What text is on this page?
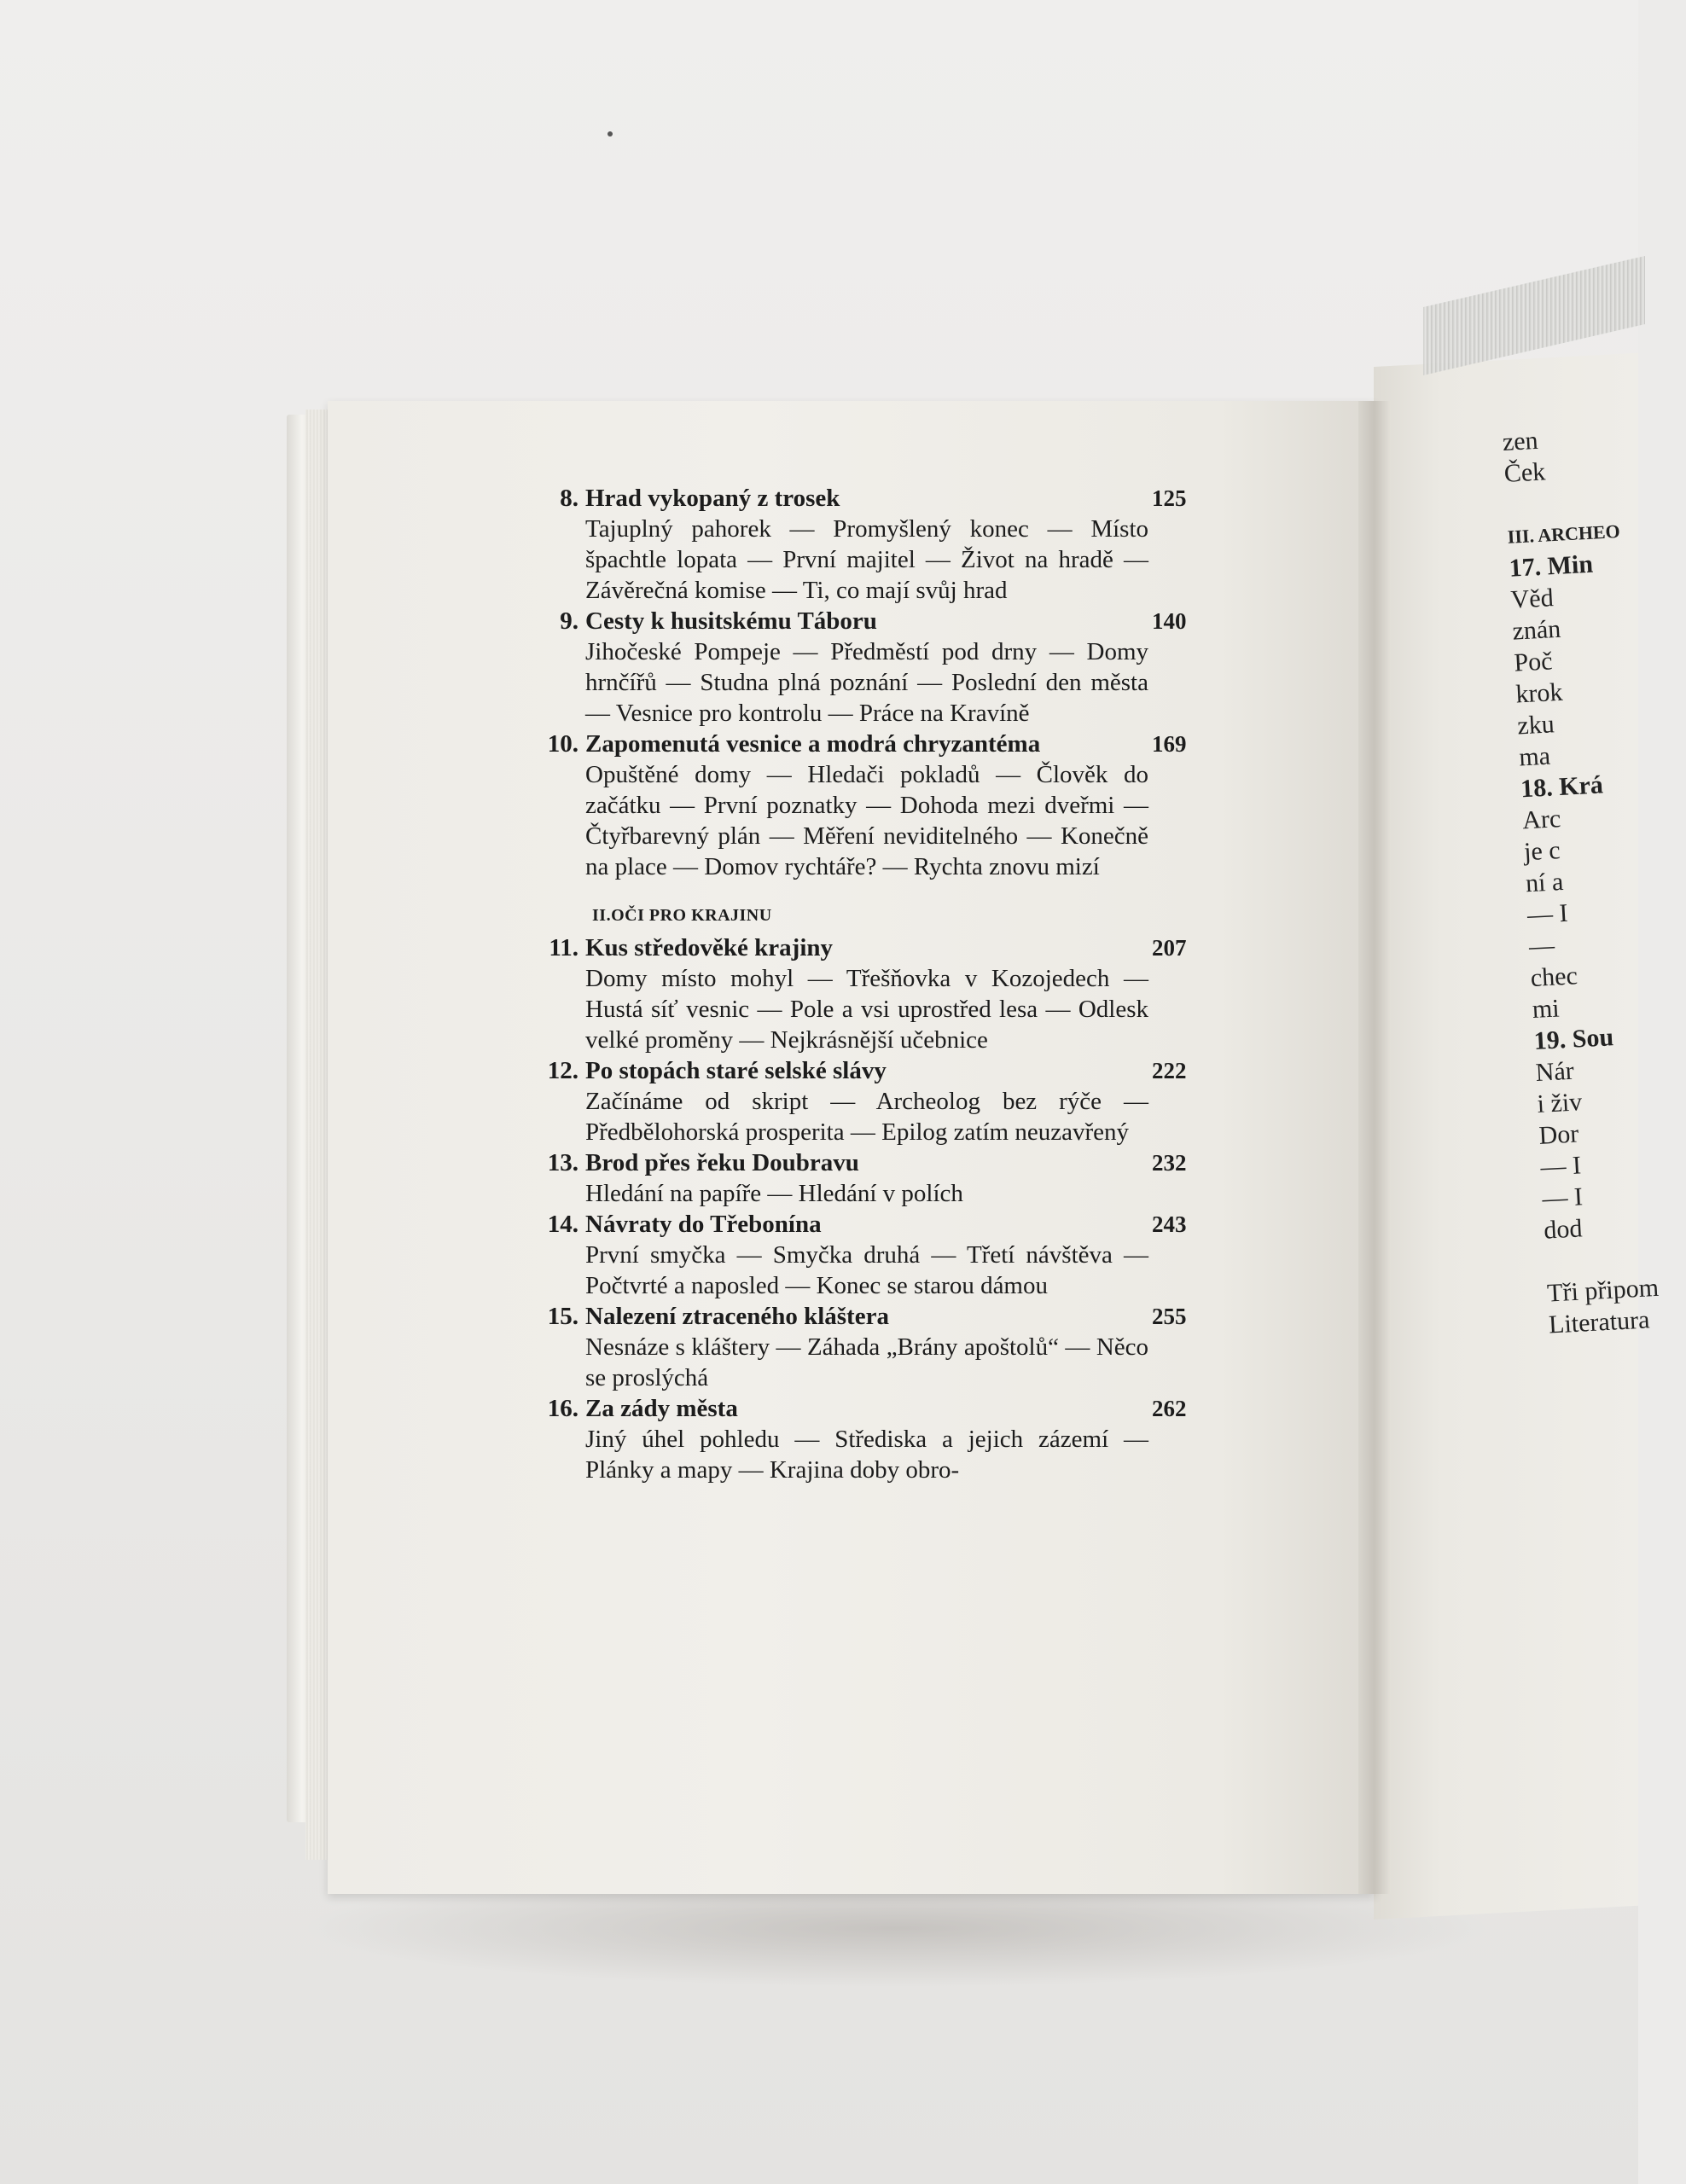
8. Hrad vykopaný z trosek	125
Tajuplný pahorek — Promyšlený konec — Místo špachtle lopata — První majitel — Život na hradě — Závěrečná komise — Ti, co mají svůj hrad
9. Cesty k husitskému Táboru	140
Jihočeské Pompeje — Předměstí pod drny — Domy hrnčířů — Studna plná poznání — Poslední den města — Vesnice pro kontrolu — Práce na Kravíně
10. Zapomenutá vesnice a modrá chryzantéma	169
Opuštěné domy — Hledači pokladů — Člověk do začátku — První poznatky — Dohoda mezi dveřmi — Čtyřbarevný plán — Měření neviditelného — Konečně na place — Domov rychtáře? — Rychta znovu mizí
II.OČI PRO KRAJINU
11. Kus středověké krajiny	207
Domy místo mohyl — Třešňovka v Kozojedech — Hustá síť vesnic — Pole a vsi uprostřed lesa — Odlesk velké proměny — Nejkrásnější učebnice
12. Po stopách staré selské slávy	222
Začínáme od skript — Archeolog bez rýče — Předbělohorská prosperita — Epilog zatím neuzavřený
13. Brod přes řeku Doubravu	232
Hledání na papíře — Hledání v polích
14. Návraty do Třebonína	243
První smyčka — Smyčka druhá — Třetí návštěva — Počtvrté a naposled — Konec se starou dámou
15. Nalezení ztraceného kláštera	255
Nesnáze s kláštery — Záhada „Brány apoštolů“ — Něco se proslýchá
16. Za zády města	262
Jiný úhel pohledu — Střediska a jejich zázemí — Plánky a mapy — Krajina doby obro-
zen
Ček
III. ARCHEO
17. Min
Věd
znán
Poč
krok
zku
ma
18. Krá
Arc
je c
ní a
— I
—
chec
mi
19. Sou
Nár
i živ
Dor
— I
— I
dod
Tři připom
Literatura
